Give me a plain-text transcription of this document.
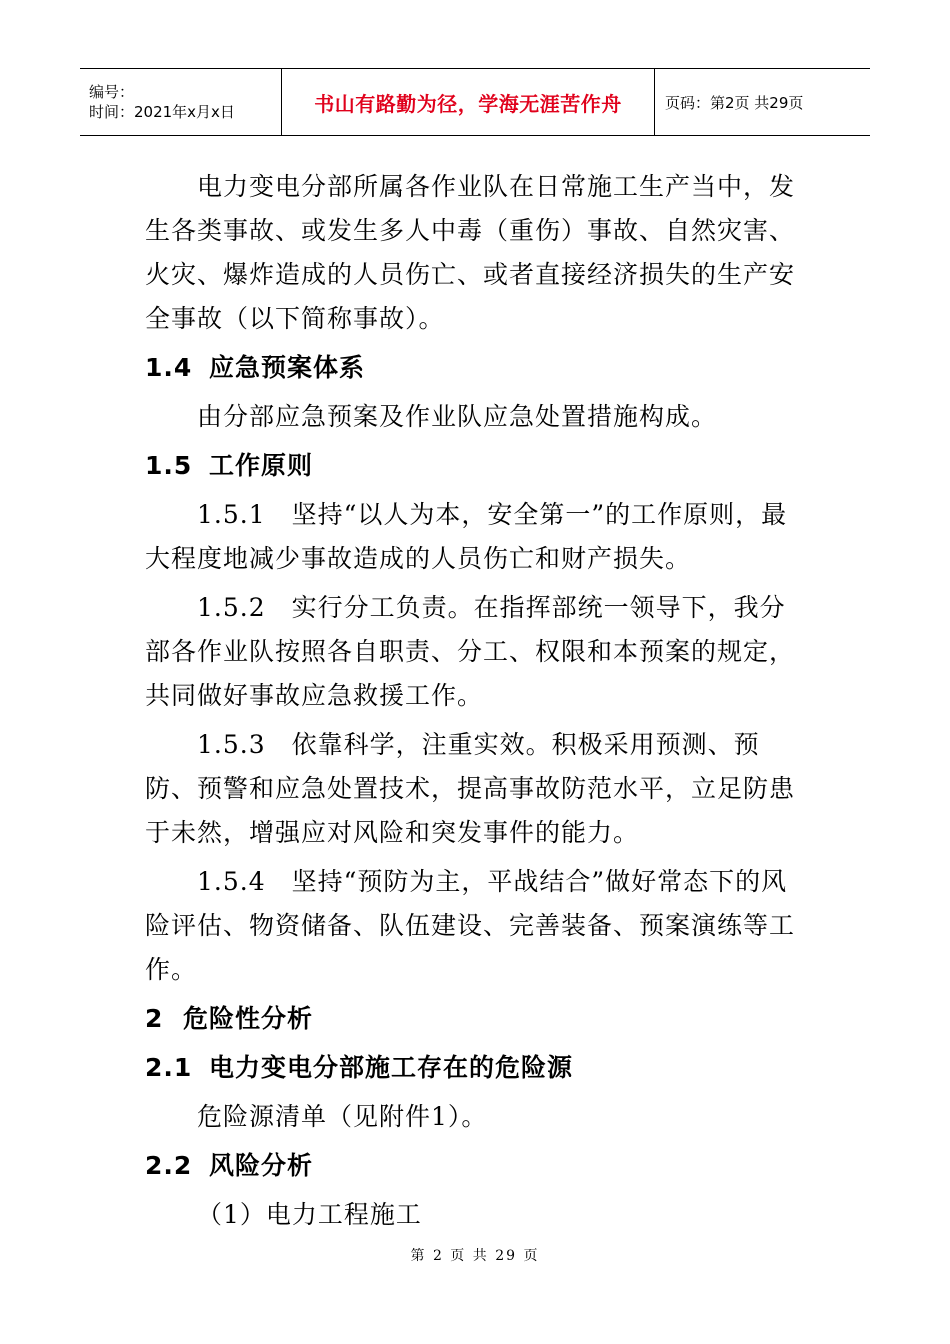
编号：
时间：2021年x月x日	书山有路勤为径，学海无涯苦作舟	页码：第2页 共29页

电力变电分部所属各作业队在日常施工生产当中，发生各类事故、或发生多人中毒（重伤）事故、自然灾害、火灾、爆炸造成的人员伤亡、或者直接经济损失的生产安全事故（以下简称事故）。

1.4 应急预案体系

由分部应急预案及作业队应急处置措施构成。

1.5 工作原则

1.5.1　坚持“以人为本，安全第一”的工作原则，最大程度地减少事故造成的人员伤亡和财产损失。

1.5.2　实行分工负责。在指挥部统一领导下，我分部各作业队按照各自职责、分工、权限和本预案的规定，共同做好事故应急救援工作。

1.5.3　依靠科学，注重实效。积极采用预测、预防、预警和应急处置技术，提高事故防范水平，立足防患于未然，增强应对风险和突发事件的能力。

1.5.4　坚持“预防为主，平战结合”做好常态下的风险评估、物资储备、队伍建设、完善装备、预案演练等工作。

2 危险性分析
2.1 电力变电分部施工存在的危险源

危险源清单（见附件1）。

2.2 风险分析

（1）电力工程施工

第 2 页 共 29 页
